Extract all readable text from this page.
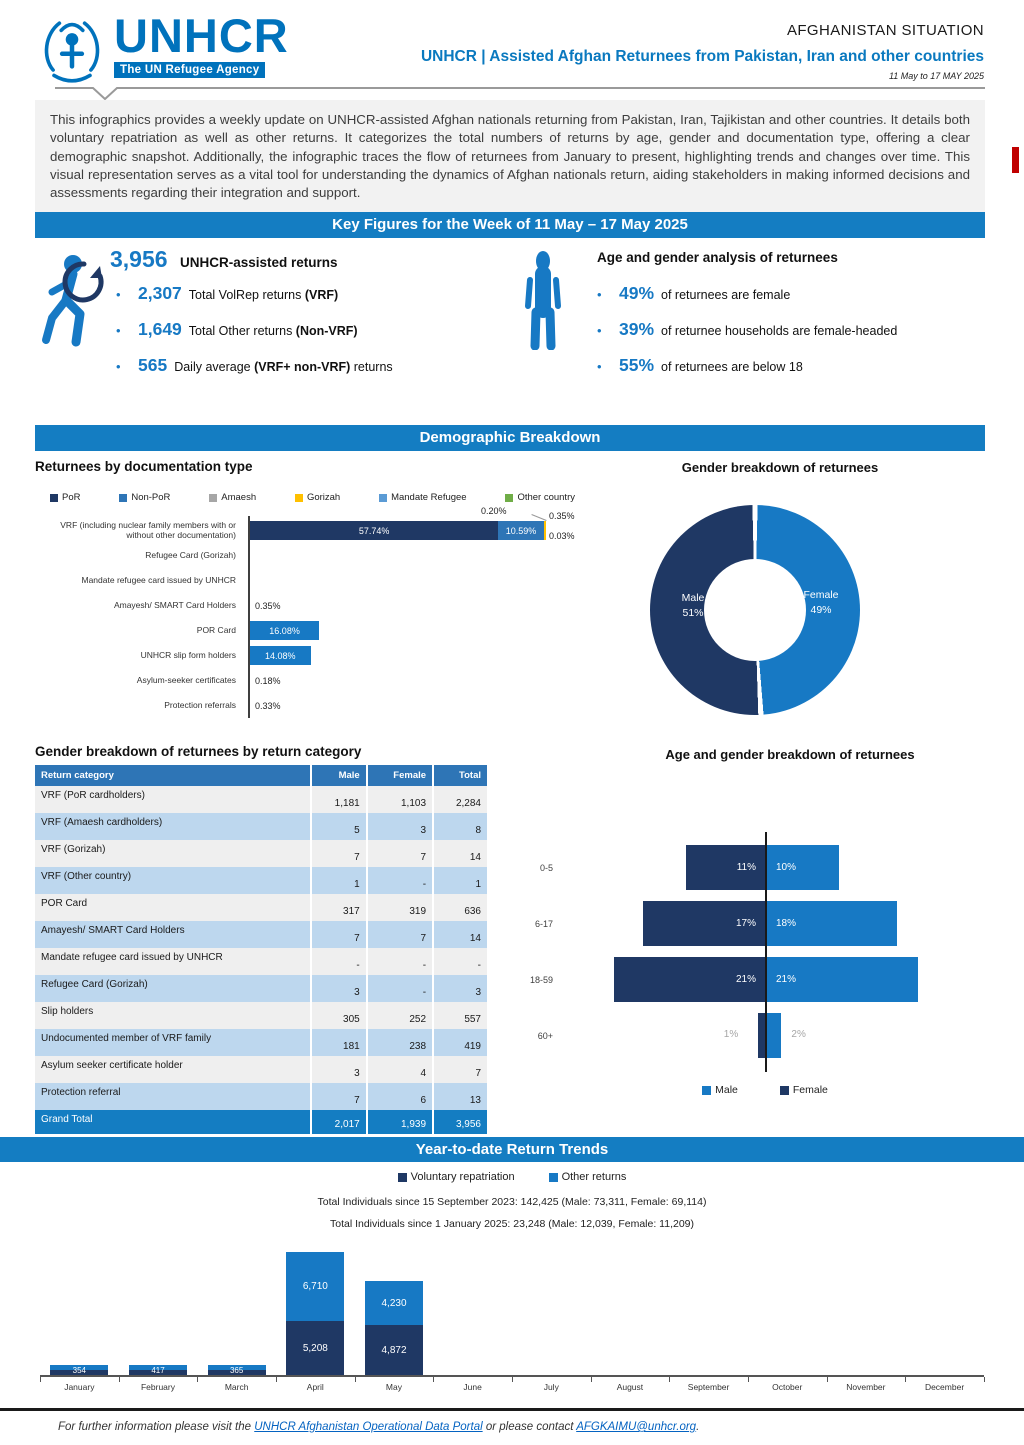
UNHCR
The UN Refugee Agency
AFGHANISTAN SITUATION
UNHCR | Assisted Afghan Returnees from Pakistan, Iran and other countries
11 May to 17 MAY 2025
This infographics provides a weekly update on UNHCR-assisted Afghan nationals returning from Pakistan, Iran, Tajikistan and other countries. It details both voluntary repatriation as well as other returns. It categorizes the total numbers of returns by age, gender and documentation type, offering a clear demographic snapshot. Additionally, the infographic traces the flow of returnees from January to present, highlighting trends and changes over time. This visual representation serves as a vital tool for understanding the dynamics of Afghan nationals return, aiding stakeholders in making informed decisions and assessments regarding their integration and support.
Key Figures for the Week of 11 May – 17 May 2025
3,956 UNHCR-assisted returns
• 2,307 Total VolRep returns (VRF)
• 1,649 Total Other returns (Non-VRF)
• 565 Daily average (VRF+ non-VRF) returns
Age and gender analysis of returnees
• 49% of returnees are female
• 39% of returnee households are female-headed
• 55% of returnees are below 18
Demographic Breakdown
Returnees by documentation type
PoR	Non-PoR	Amaesh	Gorizah	Mandate Refugee	Other country
VRF (including nuclear family members with or without other documentation)	57.74%	10.59%
Refugee Card (Gorizah)
Mandate refugee card issued by UNHCR
Amayesh/ SMART Card Holders	0.35%
POR Card	16.08%
UNHCR slip form holders	14.08%
Asylum-seeker certificates	0.18%
Protection referrals	0.33%
0.20%	0.35%
0.03%
Gender breakdown of returnees
Male
51%
Female
49%
Gender breakdown of returnees by return category
Return category	Male	Female	Total
VRF (PoR cardholders)	1,181	1,103	2,284
VRF (Amaesh cardholders)	5	3	8
VRF (Gorizah)	7	7	14
VRF (Other country)	1	-	1
POR Card	317	319	636
Amayesh/ SMART Card Holders	7	7	14
Mandate refugee card issued by UNHCR	-	-	-
Refugee Card (Gorizah)	3	-	3
Slip holders	305	252	557
Undocumented member of VRF family	181	238	419
Asylum seeker certificate holder	3	4	7
Protection referral	7	6	13
Grand Total	2,017	1,939	3,956
Age and gender breakdown of returnees
Male	Female
0-5	11%	10%
6-17	17%	18%
18-59	21%	21%
60+	1%	2%
Year-to-date Return Trends
Voluntary repatriation	Other returns
Total Individuals since 15 September 2023: 142,425 (Male: 73,311, Female: 69,114)
Total Individuals since 1 January 2025: 23,248 (Male: 12,039, Female: 11,209)
354	417	365
6,710
5,208
4,230
4,872
January	February	March	April	May	June	July	August	September	October	November	December
For further information please visit the UNHCR Afghanistan Operational Data Portal or please contact AFGKAIMU@unhcr.org.
